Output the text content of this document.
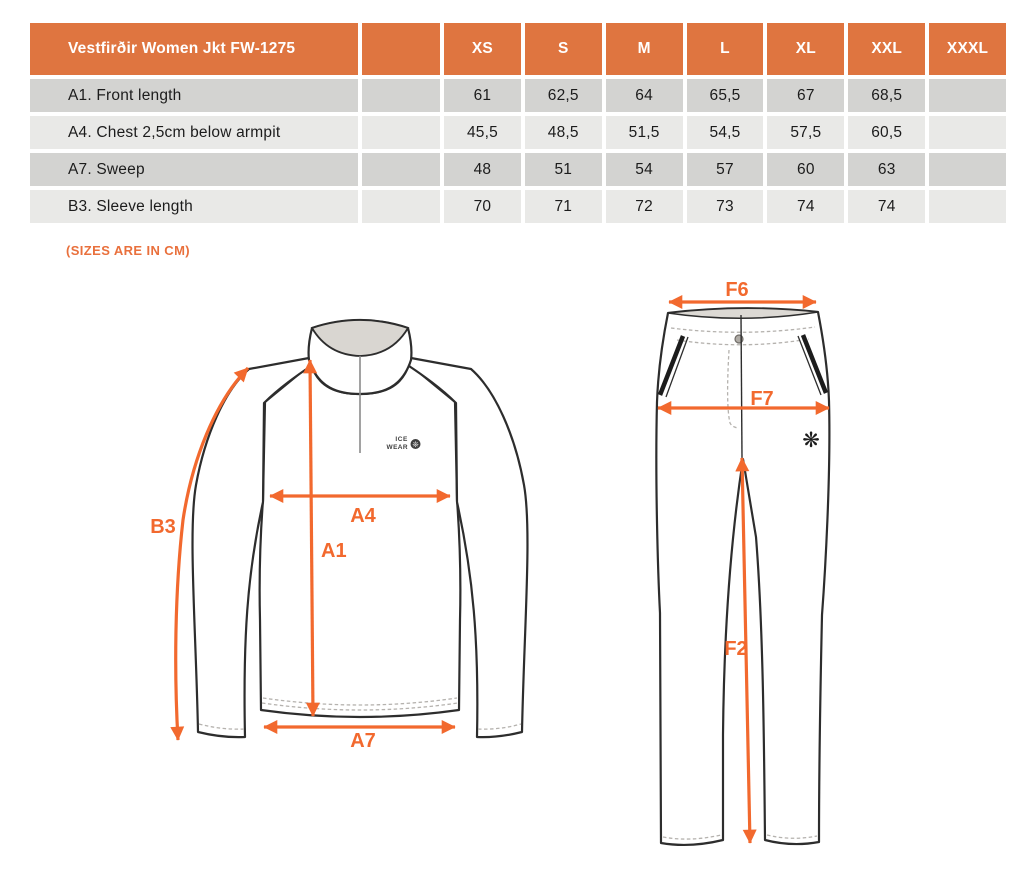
Vestfirðir Women Jkt FW-1275	XS	S	M	L	XL	XXL	XXXL
A1. Front length	61	62,5	64	65,5	67	68,5
A4. Chest 2,5cm below armpit	45,5	48,5	51,5	54,5	57,5	60,5
A7. Sweep	48	51	54	57	60	63
B3. Sleeve length	70	71	72	73	74	74
(SIZES ARE IN CM)
ICE
WEAR ❊
B3	A4
A1
A7
❋
F6
F7
F2
